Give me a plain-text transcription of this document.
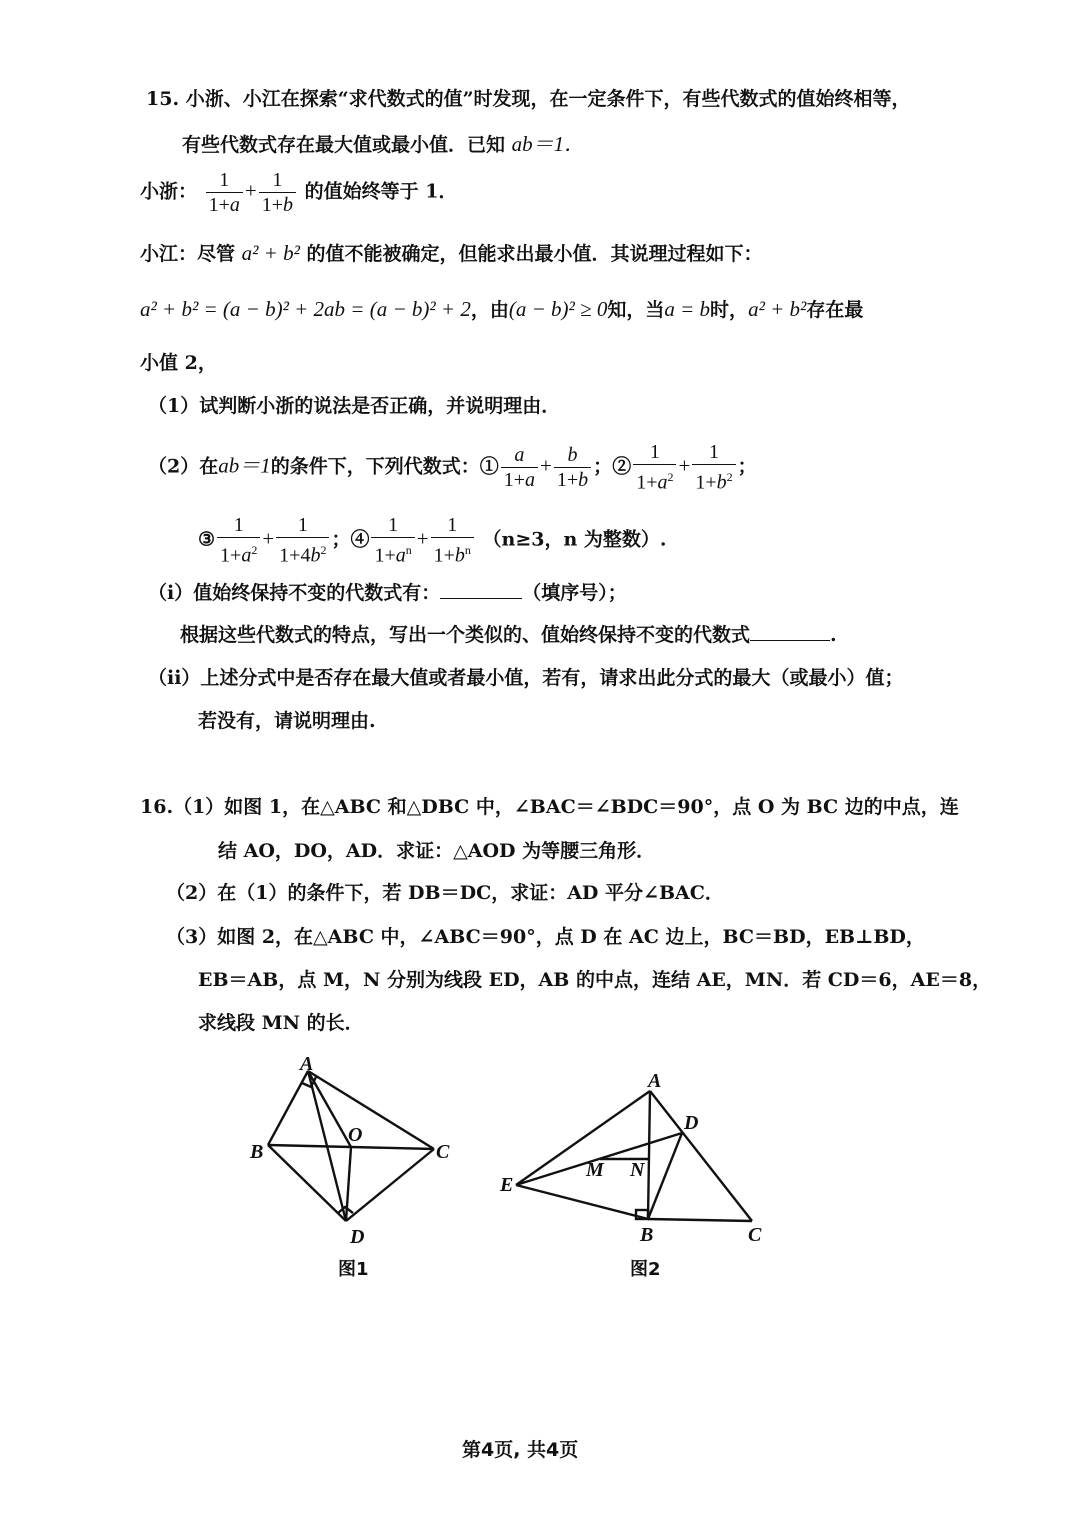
15. 小浙、小江在探索“求代数式的值”时发现，在一定条件下，有些代数式的值始终相等，
有些代数式存在最大值或最小值．已知 ab＝1．
小浙： $\frac{1}{1+a} + \frac{1}{1+b}$ 的值始终等于 1．
小江：尽管 a² + b² 的值不能被确定，但能求出最小值．其说理过程如下：
a² + b² = (a − b)² + 2ab = (a − b)² + 2，由(a − b)² ≥ 0知，当a = b时，a² + b²存在最
小值 2，
（1）试判断小浙的说法是否正确，并说明理由．
（2）在ab＝1的条件下，下列代数式：① $\frac{a}{1+a} + \frac{b}{1+b}$ ；② $\frac{1}{1+a^2} + \frac{1}{1+b^2}$ ；
③ $\frac{1}{1+a^2} + \frac{1}{1+4b^2}$ ；④ $\frac{1}{1+a^n} + \frac{1}{1+b^n} (n\ge 3$，n 为整数）.
（i）值始终保持不变的代数式有：	（填序号）；
根据这些代数式的特点，写出一个类似的、值始终保持不变的代数式	.
（ii）上述分式中是否存在最大值或者最小值，若有，请求出此分式的最大（或最小）值；
若没有，请说明理由.
16.（1）如图 1，在△ABC 和△DBC 中，∠BAC＝∠BDC＝90°，点 O 为 BC 边的中点，连
结 AO，DO，AD．求证：△AOD 为等腰三角形．
（2）在（1）的条件下，若 DB＝DC，求证：AD 平分∠BAC．
（3）如图 2，在△ABC 中，∠ABC＝90°，点 D 在 AC 边上，BC＝BD，EB⊥BD，
EB＝AB，点 M，N 分别为线段 ED，AB 的中点，连结 AE，MN．若 CD＝6，AE＝8，
求线段 MN 的长．
A
B
O
C
D
图1
A
D
M N
E
B	C
图2
第4页, 共4页
